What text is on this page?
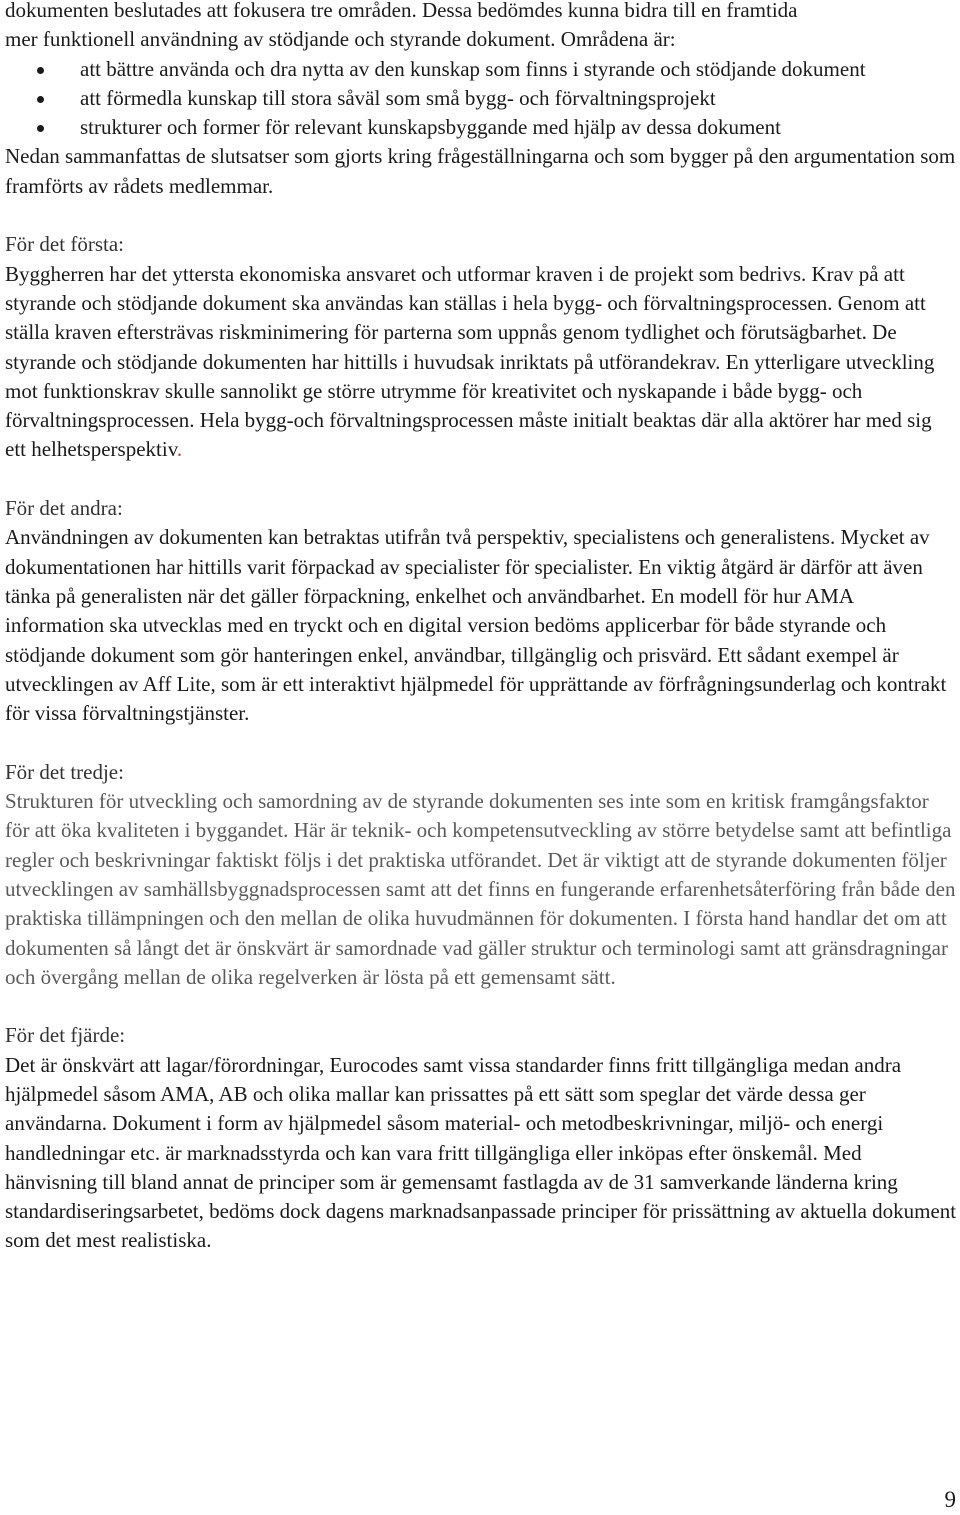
dokumenten beslutades att fokusera tre områden. Dessa bedömdes kunna bidra till en framtida
mer funktionell användning av stödjande och styrande dokument. Områdena är:

att bättre använda och dra nytta av den kunskap som finns i styrande och stödjande dokument
att förmedla kunskap till stora såväl som små bygg- och förvaltningsprojekt
strukturer och former för relevant kunskapsbyggande med hjälp av dessa dokument

Nedan sammanfattas de slutsatser som gjorts kring frågeställningarna och som bygger på den argumentation som framförts av rådets medlemmar.

För det första:

Byggherren har det yttersta ekonomiska ansvaret och utformar kraven i de projekt som bedrivs. Krav på att styrande och stödjande dokument ska användas kan ställas i hela bygg- och förvaltningsprocessen. Genom att ställa kraven eftersträvas riskminimering för parterna som uppnås genom tydlighet och förutsägbarhet. De styrande och stödjande dokumenten har hittills i huvudsak inriktats på utförandekrav. En ytterligare utveckling mot funktionskrav skulle sannolikt ge större utrymme för kreativitet och nyskapande i både bygg- och förvaltningsprocessen. Hela bygg-och förvaltningsprocessen måste initialt beaktas där alla aktörer har med sig ett helhetsperspektiv.

För det andra:

Användningen av dokumenten kan betraktas utifrån två perspektiv, specialistens och generalistens. Mycket av dokumentationen har hittills varit förpackad av specialister för specialister. En viktig åtgärd är därför att även tänka på generalisten när det gäller förpackning, enkelhet och användbarhet. En modell för hur AMA information ska utvecklas med en tryckt och en digital version bedöms applicerbar för både styrande och stödjande dokument som gör hanteringen enkel, användbar, tillgänglig och prisvärd. Ett sådant exempel är utvecklingen av Aff Lite, som är ett interaktivt hjälpmedel för upprättande av förfrågningsunderlag och kontrakt för vissa förvaltningstjänster.

För det tredje:

Strukturen för utveckling och samordning av de styrande dokumenten ses inte som en kritisk framgångsfaktor för att öka kvaliteten i byggandet. Här är teknik- och kompetensutveckling av större betydelse samt att befintliga regler och beskrivningar faktiskt följs i det praktiska utförandet. Det är viktigt att de styrande dokumenten följer utvecklingen av samhällsbyggnadsprocessen samt att det finns en fungerande erfarenhetsåterföring från både den praktiska tillämpningen och den mellan de olika huvudmännen för dokumenten. I första hand handlar det om att dokumenten så långt det är önskvärt är samordnade vad gäller struktur och terminologi samt att gränsdragningar och övergång mellan de olika regelverken är lösta på ett gemensamt sätt.

För det fjärde:

Det är önskvärt att lagar/förordningar, Eurocodes samt vissa standarder finns fritt tillgängliga medan andra hjälpmedel såsom AMA, AB och olika mallar kan prissattes på ett sätt som speglar det värde dessa ger användarna. Dokument i form av hjälpmedel såsom material- och metodbeskrivningar, miljö- och energi handledningar etc. är marknadsstyrda och kan vara fritt tillgängliga eller inköpas efter önskemål. Med hänvisning till bland annat de principer som är gemensamt fastlagda av de 31 samverkande länderna kring standardiseringsarbetet, bedöms dock dagens marknadsanpassade principer för prissättning av aktuella dokument som det mest realistiska.

9
